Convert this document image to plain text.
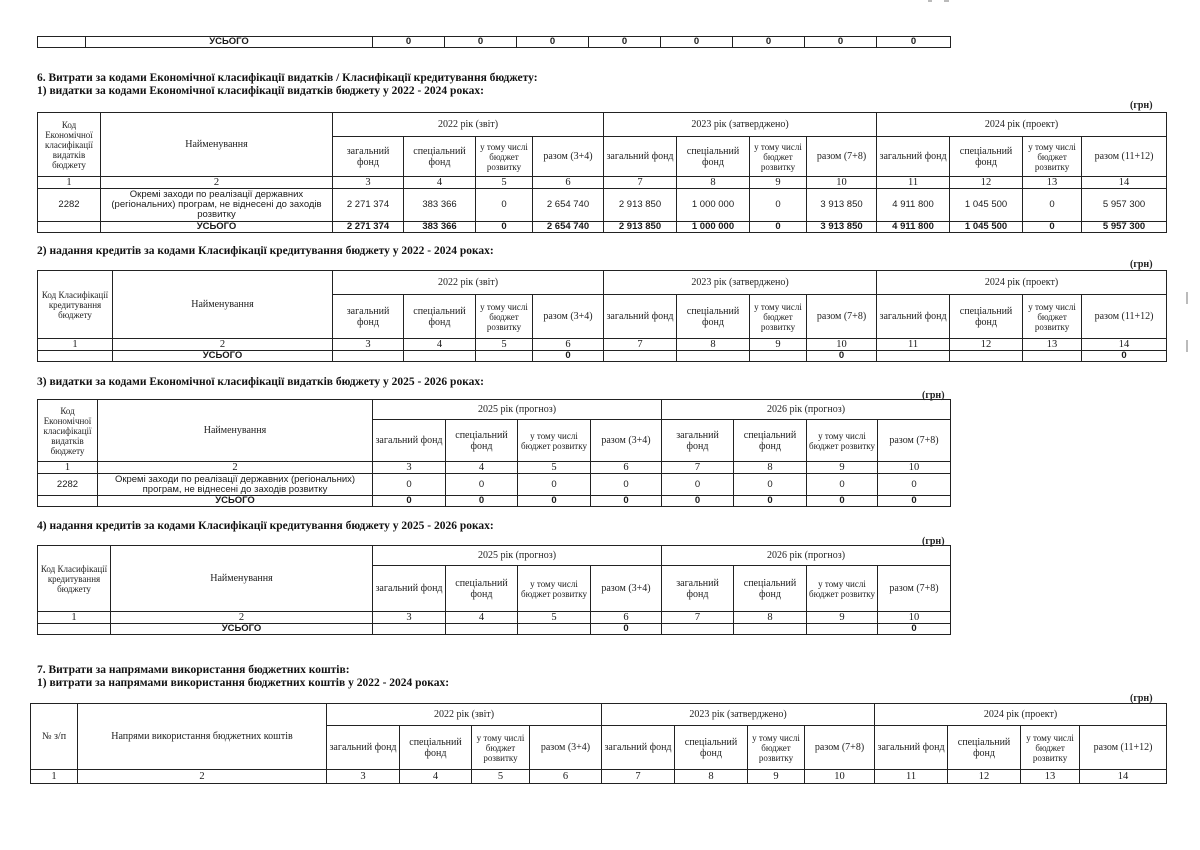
	УСЬОГО	0	0	0	0	0	0	0	0
6. Витрати за кодами Економічної класифікації видатків / Класифікації кредитування бюджету:
1) видатки за кодами Економічної класифікації видатків бюджету у 2022 - 2024 роках:
(грн)
Код Економічної класифікації видатків бюджету	Найменування	2022 рік (звіт)				2023 рік (затверджено)				2024 рік (проект)			
		загальний фонд	спеціальний фонд	у тому числі бюджет розвитку	разом (3+4)	загальний фонд	спеціальний фонд	у тому числі бюджет розвитку	разом (7+8)	загальний фонд	спеціальний фонд	у тому числі бюджет розвитку	разом (11+12)
1	2	3	4	5	6	7	8	9	10	11	12	13	14
2282	Окремі заходи по реалізації державних (регіональних) програм, не віднесені до заходів розвитку	2 271 374	383 366	0	2 654 740	2 913 850	1 000 000	0	3 913 850	4 911 800	1 045 500	0	5 957 300
	УСЬОГО	2 271 374	383 366	0	2 654 740	2 913 850	1 000 000	0	3 913 850	4 911 800	1 045 500	0	5 957 300
2) надання кредитів за кодами Класифікації кредитування бюджету у 2022 - 2024 роках:
(грн)
Код Класифікації кредитування бюджету	Найменування	2022 рік (звіт)				2023 рік (затверджено)				2024 рік (проект)			
		загальний фонд	спеціальний фонд	у тому числі бюджет розвитку	разом (3+4)	загальний фонд	спеціальний фонд	у тому числі бюджет розвитку	разом (7+8)	загальний фонд	спеціальний фонд	у тому числі бюджет розвитку	разом (11+12)
1	2	3	4	5	6	7	8	9	10	11	12	13	14
	УСЬОГО				0				0				0
3) видатки за кодами Економічної класифікації видатків бюджету у 2025 - 2026 роках:
(грн)
Код Економічної класифікації видатків бюджету	Найменування	2025 рік (прогноз)				2026 рік (прогноз)			
		загальний фонд	спеціальний фонд	у тому числі бюджет розвитку	разом (3+4)	загальний фонд	спеціальний фонд	у тому числі бюджет розвитку	разом (7+8)
1	2	3	4	5	6	7	8	9	10
2282	Окремі заходи по реалізації державних (регіональних) програм, не віднесені до заходів розвитку	0	0	0	0	0	0	0	0
	УСЬОГО	0	0	0	0	0	0	0	0
4) надання кредитів за кодами Класифікації кредитування бюджету у 2025 - 2026 роках:
(грн)
Код Класифікації кредитування бюджету	Найменування	2025 рік (прогноз)				2026 рік (прогноз)			
		загальний фонд	спеціальний фонд	у тому числі бюджет розвитку	разом (3+4)	загальний фонд	спеціальний фонд	у тому числі бюджет розвитку	разом (7+8)
1	2	3	4	5	6	7	8	9	10
	УСЬОГО				0				0
7. Витрати за напрямами використання бюджетних коштів:
1) витрати за напрямами використання бюджетних коштів у 2022 - 2024 роках:
(грн)
№ з/п	Напрями використання бюджетних коштів	2022 рік (звіт)				2023 рік (затверджено)				2024 рік (проект)			
		загальний фонд	спеціальний фонд	у тому числі бюджет розвитку	разом (3+4)	загальний фонд	спеціальний фонд	у тому числі бюджет розвитку	разом (7+8)	загальний фонд	спеціальний фонд	у тому числі бюджет розвитку	разом (11+12)
1	2	3	4	5	6	7	8	9	10	11	12	13	14
